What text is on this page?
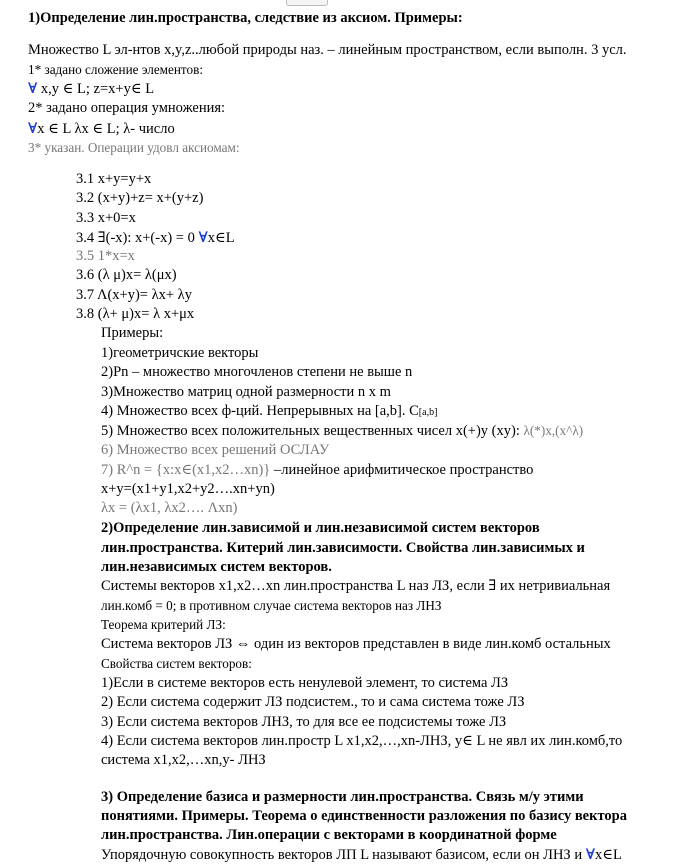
1)Определение лин.пространства, следствие из аксиом. Примеры:
Множество L эл-нтов x,y,z..любой природы наз. – линейным пространством, если выполн. 3 усл.
1* задано сложение элементов:
∀ x,y ∈ L; z=x+y∈ L
2* задано операция умножения:
∀x ∈ L λx ∈ L; λ- число
3* указан. Операции удовл аксиомам:
3.1 x+y=y+x
3.2 (x+y)+z= x+(y+z)
3.3 x+0=x
3.4 ∃(-x): x+(-x) = 0 ∀x∈L
3.5 1*x=x
3.6 (λ μ)x= λ(μx)
3.7 Λ(x+y)= λx+ λy
3.8 (λ+ μ)x= λ x+μx
Примеры:
1)геометричские векторы
2)Pn – множество многочленов степени не выше n
3)Множество матриц одной размерности n x m
4) Множество всех ф-ций. Непрерывных на [a,b]. C[a,b]
5) Множество всех положительных вещественных чисел x(+)y (xy): λ(*)x,(x^λ)
6) Множество всех решений ОСЛАУ
7) R^n = {x:x∈(x1,x2…xn)} –линейное арифмитическое пространство
x+y=(x1+y1,x2+y2….xn+yn)
λx = (λx1, λx2…. Λxn)
2)Определение лин.зависимой и лин.независимой систем векторов
лин.пространства. Китерий лин.зависимости. Свойства лин.зависимых и
лин.независимых систем векторов.
Системы векторов x1,x2…xn лин.пространства L наз ЛЗ, если ∃ их нетривиальная
лин.комб = 0; в противном случае система векторов наз ЛНЗ
Теорема критерий ЛЗ:
Система векторов ЛЗ ⇔ один из векторов представлен в виде лин.комб остальных
Свойства систем векторов:
1)Если в системе векторов есть ненулевой элемент, то система ЛЗ
2) Если система содержит ЛЗ подсистем., то и сама система тоже ЛЗ
3) Если система векторов ЛНЗ, то для все ее подсистемы тоже ЛЗ
4) Если система векторов лин.простр L x1,x2,…,xn-ЛНЗ, y∈ L не явл их лин.комб,то
система x1,x2,…xn,y- ЛНЗ
3) Определение базиса и размерности лин.пространства. Связь м/у этими
понятиями. Примеры. Теорема о единственности разложения по базису вектора
лин.пространства. Лин.операции с векторами в координатной форме
Упорядочную совокупность векторов ЛП L называют базисом, если он ЛНЗ и ∀x∈L
